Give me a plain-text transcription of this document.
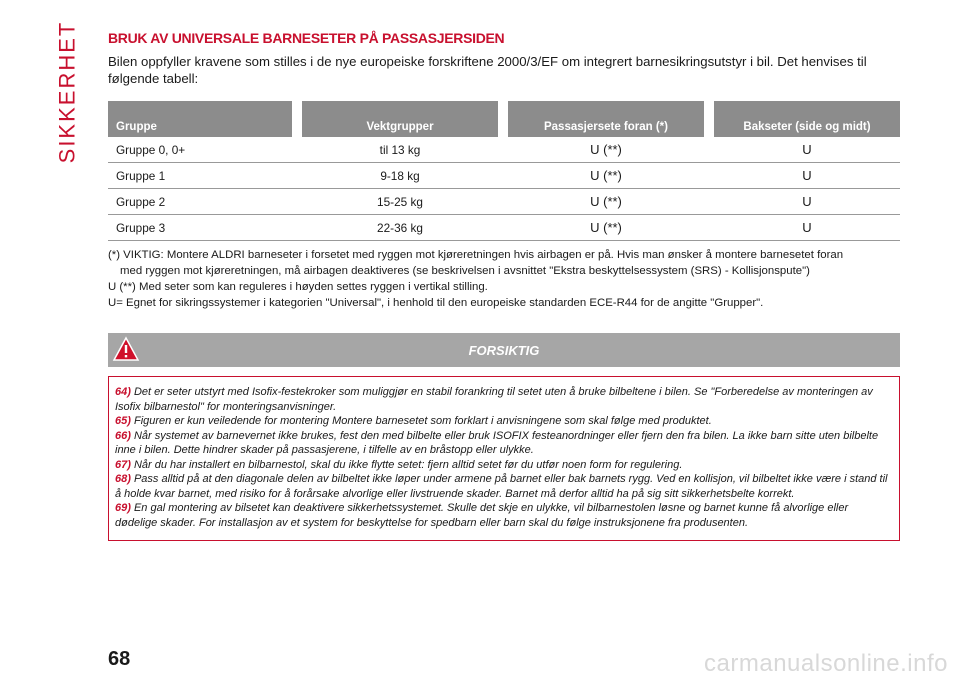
SIKKERHET BRUK AV UNIVERSALE BARNESETER PÅ PASSASJERSIDEN

Bilen oppfyller kravene som stilles i de nye europeiske forskriftene 2000/3/EF om integrert barnesikringsutstyr i bil. Det henvises til følgende tabell:

Gruppe		Vektgrupper		Passasjersete foran (*)		Bakseter (side og midt)
Gruppe 0, 0+		til 13 kg		U (**)		U
Gruppe 1		9-18 kg		U (**)		U
Gruppe 2		15-25 kg		U (**)		U
Gruppe 3		22-36 kg		U (**)		U

(*) VIKTIG: Montere ALDRI barneseter i forsetet med ryggen mot kjøreretningen hvis airbagen er på. Hvis man ønsker å montere barnesetet foran

med ryggen mot kjøreretningen, må airbagen deaktiveres (se beskrivelsen i avsnittet "Ekstra beskyttelsessystem (SRS) - Kollisjonspute")

U (**) Med seter som kan reguleres i høyden settes ryggen i vertikal stilling.

U= Egnet for sikringssystemer i kategorien "Universal", i henhold til den europeiske standarden ECE-R44 for de angitte "Grupper".

FORSIKTIG

64) Det er seter utstyrt med Isofix-festekroker som muliggjør en stabil forankring til setet uten å bruke bilbeltene i bilen. Se "Forberedelse av monteringen av Isofix bilbarnestol" for monteringsanvisninger.

65) Figuren er kun veiledende for montering Montere barnesetet som forklart i anvisningene som skal følge med produktet.

66) Når systemet av barnevernet ikke brukes, fest den med bilbelte eller bruk ISOFIX festeanordninger eller fjern den fra bilen. La ikke barn sitte uten bilbelte inne i bilen. Dette hindrer skader på passasjerene, i tilfelle av en bråstopp eller ulykke.

67) Når du har installert en bilbarnestol, skal du ikke flytte setet: fjern alltid setet før du utfør noen form for regulering.

68) Pass alltid på at den diagonale delen av bilbeltet ikke løper under armene på barnet eller bak barnets rygg. Ved en kollisjon, vil bilbeltet ikke være i stand til å holde kvar barnet, med risiko for å forårsake alvorlige eller livstruende skader. Barnet må derfor alltid ha på sig sitt sikkerhetsbelte korrekt.

69) En gal montering av bilsetet kan deaktivere sikkerhetssystemet. Skulle det skje en ulykke, vil bilbarnestolen løsne og barnet kunne få alvorlige eller dødelige skader. For installasjon av et system for beskyttelse for spedbarn eller barn skal du følge instruksjonene fra produsenten.

68	carmanualsonline.info
